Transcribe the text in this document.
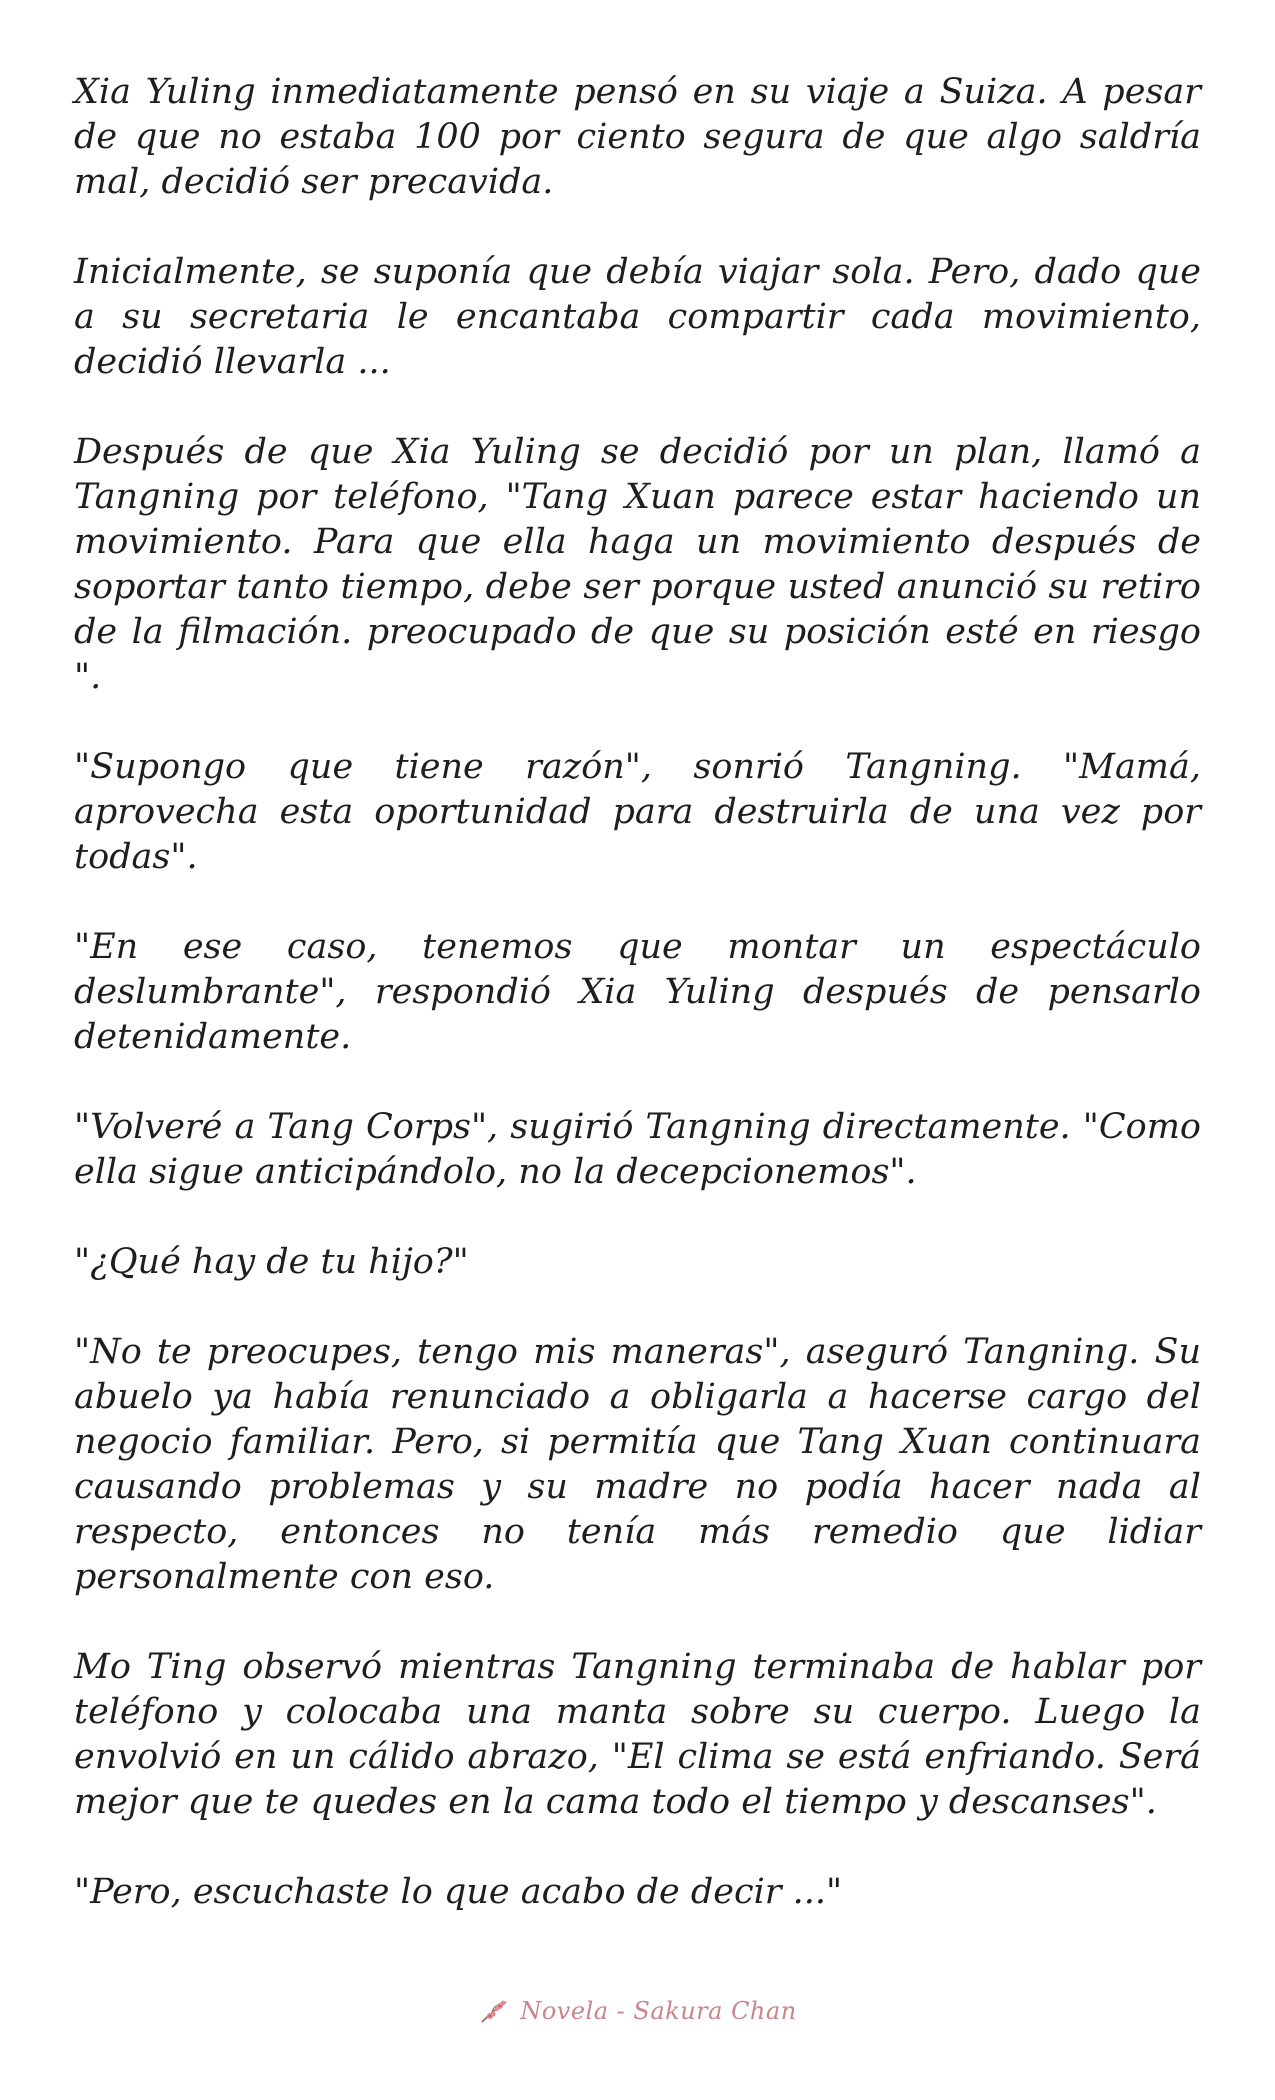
Xia Yuling inmediatamente pensó en su viaje a Suiza. A pesar de que no estaba 100 por ciento segura de que algo saldría mal, decidió ser precavida.

Inicialmente, se suponía que debía viajar sola. Pero, dado que a su secretaria le encantaba compartir cada movimiento, decidió llevarla ...

Después de que Xia Yuling se decidió por un plan, llamó a Tangning por teléfono, "Tang Xuan parece estar haciendo un movimiento. Para que ella haga un movimiento después de soportar tanto tiempo, debe ser porque usted anunció su retiro de la filmación. preocupado de que su posición esté en riesgo ".

"Supongo que tiene razón", sonrió Tangning. "Mamá, aprovecha esta oportunidad para destruirla de una vez por todas".

"En ese caso, tenemos que montar un espectáculo deslumbrante", respondió Xia Yuling después de pensarlo detenidamente.

"Volveré a Tang Corps", sugirió Tangning directamente. "Como ella sigue anticipándolo, no la decepcionemos".

"¿Qué hay de tu hijo?"

"No te preocupes, tengo mis maneras", aseguró Tangning. Su abuelo ya había renunciado a obligarla a hacerse cargo del negocio familiar. Pero, si permitía que Tang Xuan continuara causando problemas y su madre no podía hacer nada al respecto, entonces no tenía más remedio que lidiar personalmente con eso.

Mo Ting observó mientras Tangning terminaba de hablar por teléfono y colocaba una manta sobre su cuerpo. Luego la envolvió en un cálido abrazo, "El clima se está enfriando. Será mejor que te quedes en la cama todo el tiempo y descanses".

"Pero, escuchaste lo que acabo de decir ..."

Novela - Sakura Chan
